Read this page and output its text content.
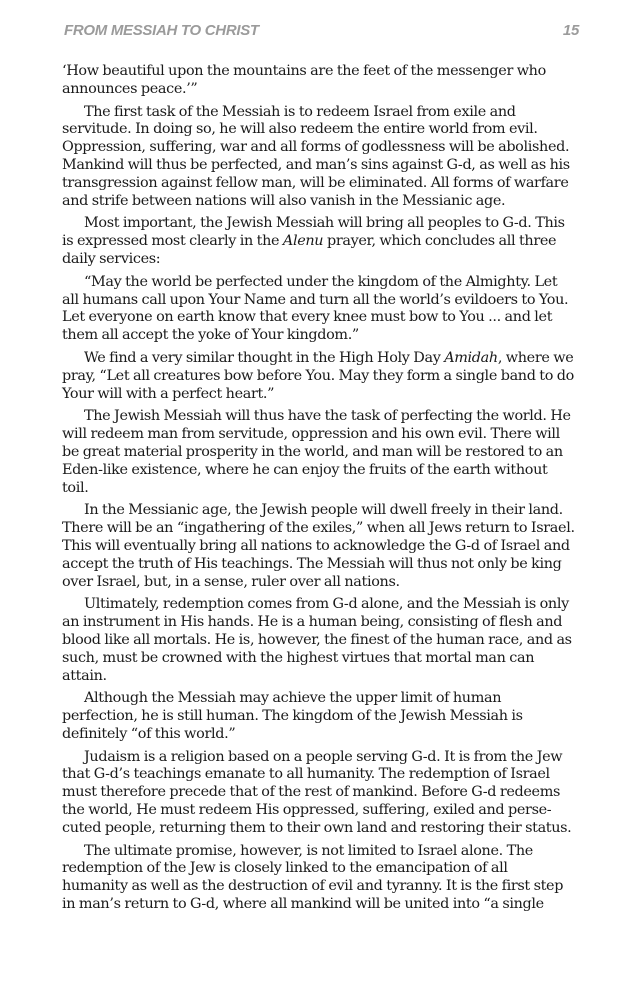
FROM MESSIAH TO CHRIST	15

‘How beautiful upon the mountains are the feet of the messenger who announces peace.’”

The first task of the Messiah is to redeem Israel from exile and servitude. In doing so, he will also redeem the entire world from evil. Oppression, suffering, war and all forms of godlessness will be abolished. Mankind will thus be perfected, and man’s sins against G-d, as well as his transgression against fellow man, will be eliminated. All forms of warfare and strife between nations will also vanish in the Messianic age.

Most important, the Jewish Messiah will bring all peoples to G-d. This is expressed most clearly in the Alenu prayer, which concludes all three daily services:

“May the world be perfected under the kingdom of the Almighty. Let all humans call upon Your Name and turn all the world’s evildoers to You. Let everyone on earth know that every knee must bow to You ... and let them all accept the yoke of Your kingdom.”

We find a very similar thought in the High Holy Day Amidah, where we pray, “Let all creatures bow before You. May they form a single band to do Your will with a perfect heart.”

The Jewish Messiah will thus have the task of perfecting the world. He will redeem man from servitude, oppression and his own evil. There will be great material prosperity in the world, and man will be restored to an Eden-like existence, where he can enjoy the fruits of the earth without toil.

In the Messianic age, the Jewish people will dwell freely in their land. There will be an “ingathering of the exiles,” when all Jews return to Israel. This will eventually bring all nations to acknowledge the G-d of Israel and accept the truth of His teachings. The Messiah will thus not only be king over Israel, but, in a sense, ruler over all nations.

Ultimately, redemption comes from G-d alone, and the Messiah is only an instrument in His hands. He is a human being, consisting of flesh and blood like all mortals. He is, however, the finest of the human race, and as such, must be crowned with the highest virtues that mortal man can attain.

Although the Messiah may achieve the upper limit of human perfection, he is still human. The kingdom of the Jewish Messiah is definitely “of this world.”

Judaism is a religion based on a people serving G-d. It is from the Jew that G-d’s teachings emanate to all humanity. The redemption of Israel must therefore precede that of the rest of mankind. Before G-d redeems the world, He must redeem His oppressed, suffering, exiled and perse-cuted people, returning them to their own land and restoring their status.

The ultimate promise, however, is not limited to Israel alone. The redemption of the Jew is closely linked to the emancipation of all humanity as well as the destruction of evil and tyranny. It is the first step in man’s return to G-d, where all mankind will be united into “a single
